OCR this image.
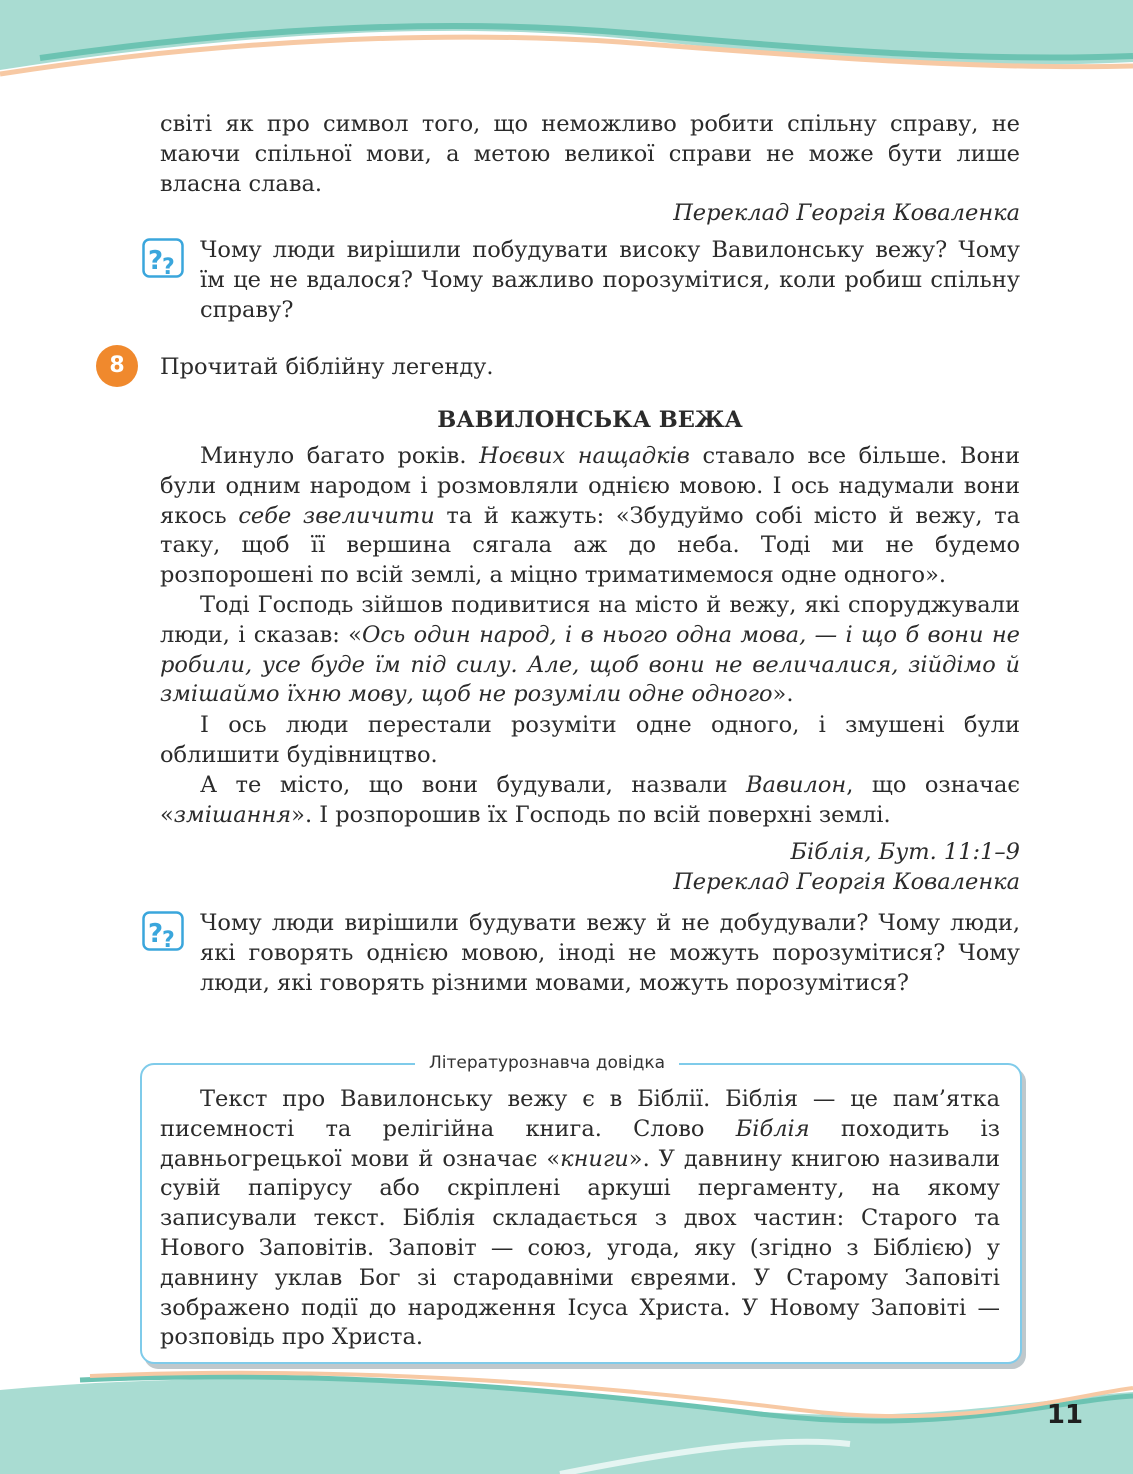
світі як про символ того, що неможливо робити спільну справу, не маючи спільної мови, а метою великої справи не може бути лише власна слава.

Переклад Георгія Коваленка

?
?

Чому люди вирішили побудувати високу Вавилонську вежу? Чому їм це не вдалося? Чому важливо порозумітися, коли робиш спільну справу?

8	Прочитай біблійну легенду.

ВАВИЛОНСЬКА ВЕЖА

Минуло багато років. Ноєвих нащадків ставало все більше. Вони були одним народом і розмовляли однією мовою. І ось надумали вони якось себе звеличити та й кажуть: «Збудуймо собі місто й вежу, та таку, щоб її вершина сягала аж до неба. Тоді ми не будемо розпорошені по всій землі, а міцно триматимемося одне одного».

Тоді Господь зійшов подивитися на місто й вежу, які споруджували люди, і сказав: «Ось один народ, і в нього одна мова, — і що б вони не робили, усе буде їм під силу. Але, щоб вони не величалися, зійдімо й змішаймо їхню мову, щоб не розуміли одне одного».

І ось люди перестали розуміти одне одного, і змушені були облишити будівництво.

А те місто, що вони будували, назвали Вавилон, що означає «змішання». І розпорошив їх Господь по всій поверхні землі.

Біблія, Бут. 11:1–9

Переклад Георгія Коваленка

?
?

Чому люди вирішили будувати вежу й не добудували? Чому люди, які говорять однією мовою, іноді не можуть порозумітися? Чому люди, які говорять різними мовами, можуть порозумітися?

Текст про Вавилонську вежу є в Біблії. Біблія — це пам’ятка писемності та релігійна книга. Слово Біблія походить із давньогрецької мови й означає «книги». У давнину книгою називали сувій папірусу або скріплені аркуші пергаменту, на якому записували текст. Біблія складається з двох частин: Старого та Нового Заповітів. Заповіт — союз, угода, яку (згідно з Біблією) у давнину уклав Бог зі стародавніми євреями. У Старому Заповіті зображено події до народження Ісуса Христа. У Новому Заповіті — розповідь про Христа.

Літературознавча довідка
11
